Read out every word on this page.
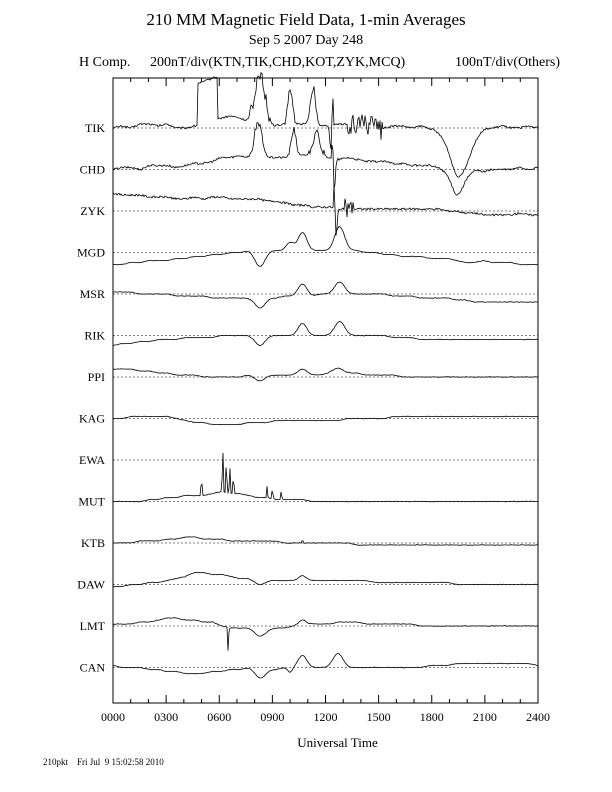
210 MM Magnetic Field Data, 1-min Averages
Sep 5 2007 Day 248
H Comp. 200nT/div(KTN,TIK,CHD,KOT,ZYK,MCQ)	100nT/div(Others)
0000 0300 0600 0900 1200 1500 1800 2100 2400
Universal Time
TIK
CHD
ZYK
MGD
MSR
RIK
PPI
KAG
EWA
MUT
KTB
DAW
LMT
CAN
210pkt Fri Jul  9 15:02:58 2010
